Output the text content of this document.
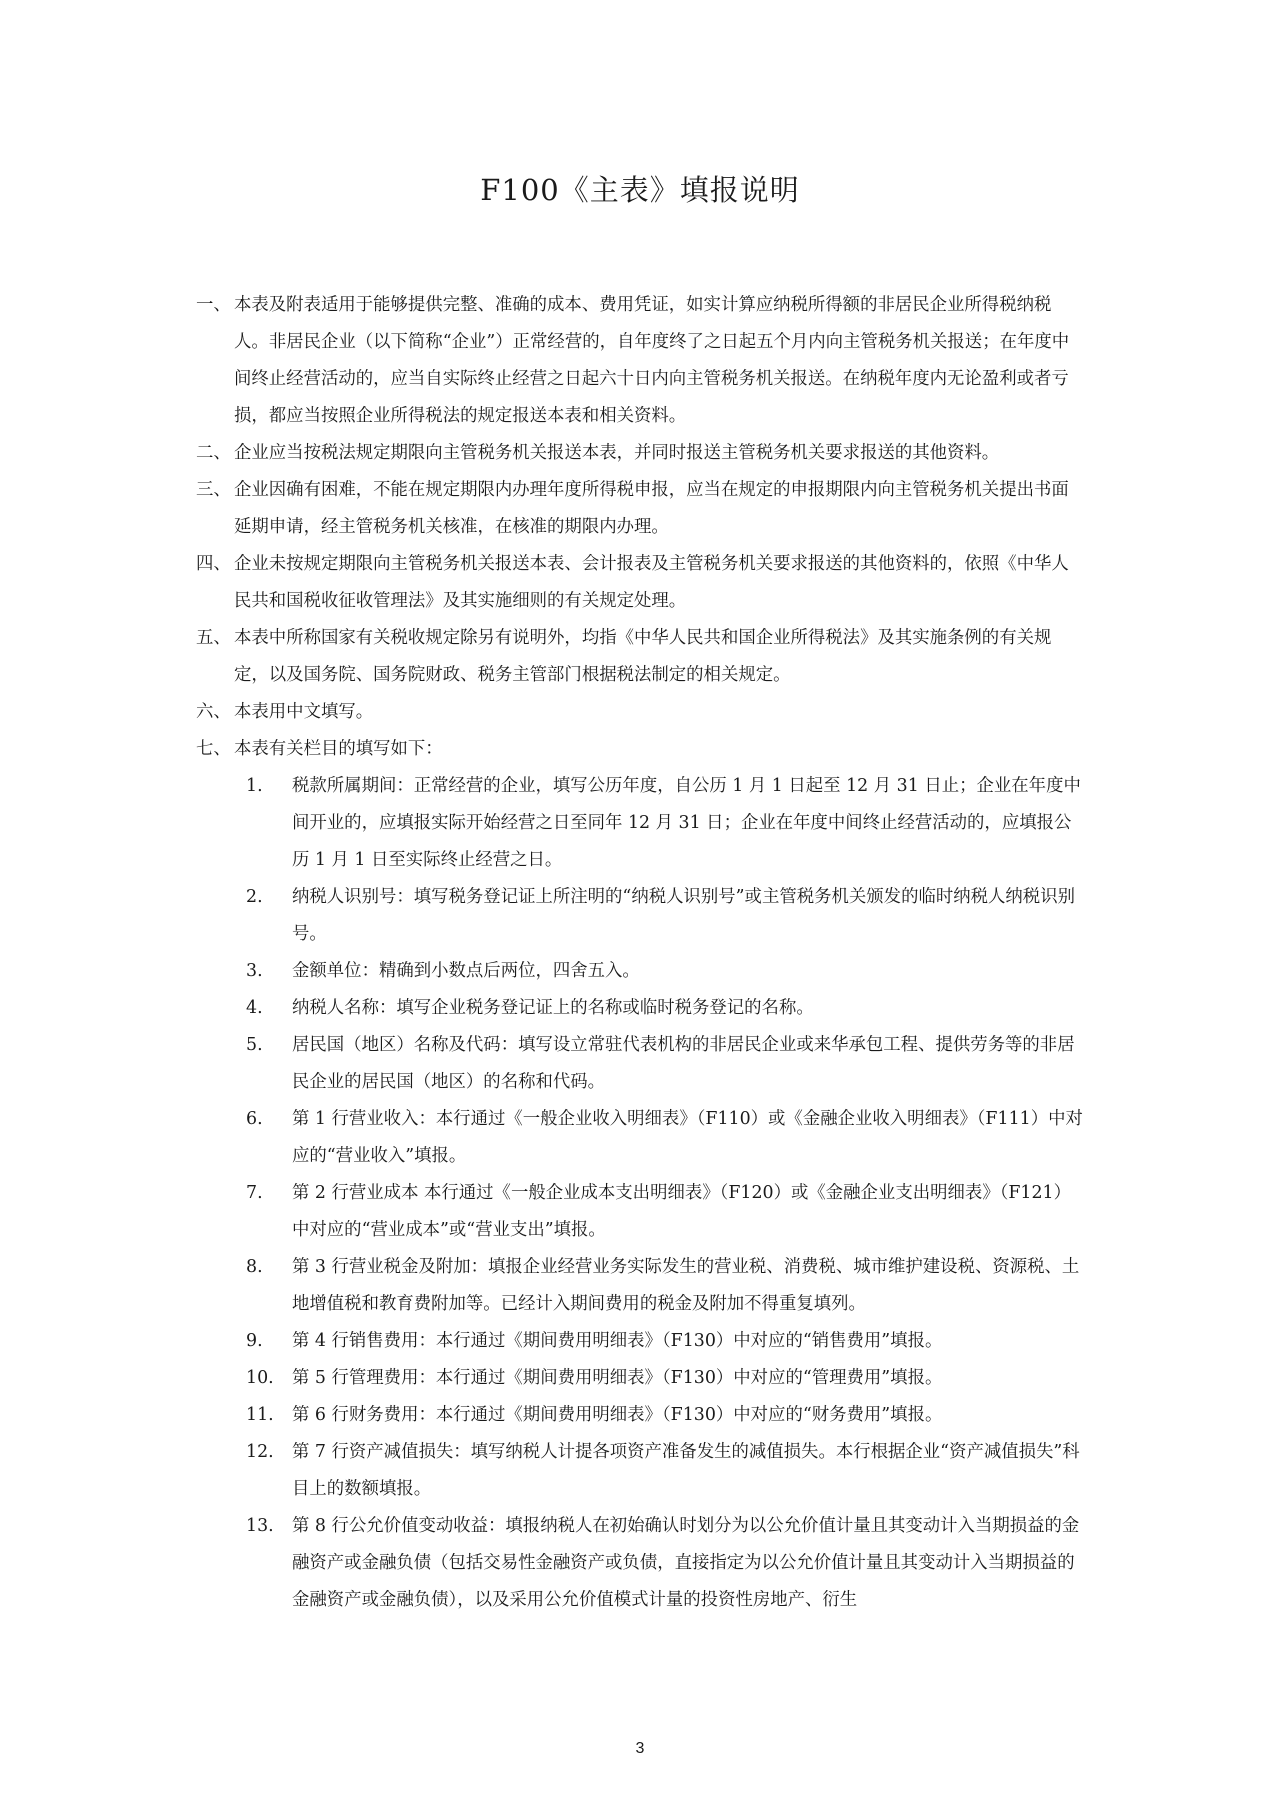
F100《主表》填报说明

一、 本表及附表适用于能够提供完整、准确的成本、费用凭证，如实计算应纳税所得额的非居民企业所得税纳税人。非居民企业（以下简称“企业”）正常经营的，自年度终了之日起五个月内向主管税务机关报送；在年度中间终止经营活动的，应当自实际终止经营之日起六十日内向主管税务机关报送。在纳税年度内无论盈利或者亏损，都应当按照企业所得税法的规定报送本表和相关资料。

二、 企业应当按税法规定期限向主管税务机关报送本表，并同时报送主管税务机关要求报送的其他资料。

三、 企业因确有困难，不能在规定期限内办理年度所得税申报，应当在规定的申报期限内向主管税务机关提出书面延期申请，经主管税务机关核准，在核准的期限内办理。

四、 企业未按规定期限向主管税务机关报送本表、会计报表及主管税务机关要求报送的其他资料的，依照《中华人民共和国税收征收管理法》及其实施细则的有关规定处理。

五、 本表中所称国家有关税收规定除另有说明外，均指《中华人民共和国企业所得税法》及其实施条例的有关规定，以及国务院、国务院财政、税务主管部门根据税法制定的相关规定。

六、 本表用中文填写。

七、 本表有关栏目的填写如下：

1.	税款所属期间：正常经营的企业，填写公历年度，自公历 1 月 1 日起至 12 月 31 日止；企业在年度中间开业的，应填报实际开始经营之日至同年 12 月 31 日；企业在年度中间终止经营活动的，应填报公历 1 月 1 日至实际终止经营之日。

2.	纳税人识别号：填写税务登记证上所注明的“纳税人识别号”或主管税务机关颁发的临时纳税人纳税识别号。

3.	金额单位：精确到小数点后两位，四舍五入。

4.	纳税人名称：填写企业税务登记证上的名称或临时税务登记的名称。

5.	居民国（地区）名称及代码：填写设立常驻代表机构的非居民企业或来华承包工程、提供劳务等的非居民企业的居民国（地区）的名称和代码。

6.	第 1 行营业收入：本行通过《一般企业收入明细表》（F110）或《金融企业收入明细表》（F111）中对应的“营业收入”填报。

7.	第 2 行营业成本 本行通过《一般企业成本支出明细表》（F120）或《金融企业支出明细表》（F121）中对应的“营业成本”或“营业支出”填报。

8.	第 3 行营业税金及附加：填报企业经营业务实际发生的营业税、消费税、城市维护建设税、资源税、土地增值税和教育费附加等。已经计入期间费用的税金及附加不得重复填列。

9.	第 4 行销售费用：本行通过《期间费用明细表》（F130）中对应的“销售费用”填报。

10.	第 5 行管理费用：本行通过《期间费用明细表》（F130）中对应的“管理费用”填报。

11.	第 6 行财务费用：本行通过《期间费用明细表》（F130）中对应的“财务费用”填报。

12.	第 7 行资产减值损失：填写纳税人计提各项资产准备发生的减值损失。本行根据企业“资产减值损失”科目上的数额填报。

13.	第 8 行公允价值变动收益：填报纳税人在初始确认时划分为以公允价值计量且其变动计入当期损益的金融资产或金融负债（包括交易性金融资产或负债，直接指定为以公允价值计量且其变动计入当期损益的金融资产或金融负债），以及采用公允价值模式计量的投资性房地产、衍生

3
